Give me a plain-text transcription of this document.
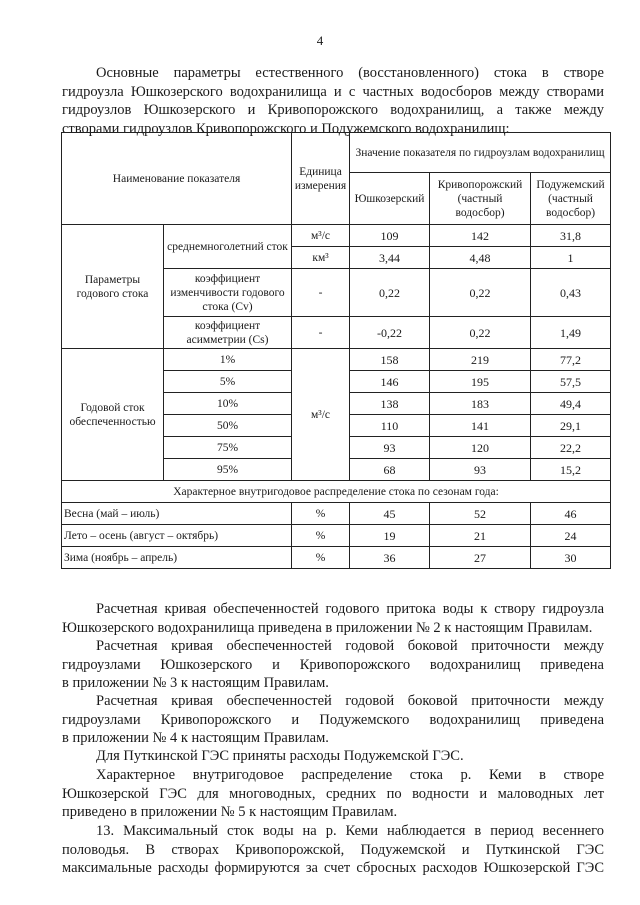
4
Основные параметры естественного (восстановленного) стока в створе
гидроузла Юшкозерского водохранилища и с частных водосборов между створами
гидроузлов Юшкозерского и Кривопорожского водохранилищ, а также между
створами гидроузлов Кривопорожского и Подужемского водохранилищ:
Наименование показателя		Единица измерения	Значение показателя по гидроузлам водохранилищ		
			Юшкозерский	Кривопорожский (частный водосбор)	Подужемский (частный водосбор)
Параметры годового стока	среднемноголетний сток	м³/с	109	142	31,8
		км³	3,44	4,48	1
	коэффициент изменчивости годового стока (Cv)	-	0,22	0,22	0,43
	коэффициент асимметрии (Cs)	-	-0,22	0,22	1,49
Годовой сток обеспеченностью	1%	м³/с	158	219	77,2
	5%		146	195	57,5
	10%		138	183	49,4
	50%		110	141	29,1
	75%		93	120	22,2
	95%		68	93	15,2
Характерное внутригодовое распределение стока по сезонам года:					
Весна (май – июль)		%	45	52	46
Лето – осень (август – октябрь)		%	19	21	24
Зима (ноябрь – апрель)		%	36	27	30
Расчетная кривая обеспеченностей годового притока воды к створу гидроузла
Юшкозерского водохранилища приведена в приложении № 2 к настоящим Правилам.
Расчетная кривая обеспеченностей годовой боковой приточности между
гидроузлами Юшкозерского и Кривопорожского водохранилищ приведена
в приложении № 3 к настоящим Правилам.
Расчетная кривая обеспеченностей годовой боковой приточности между
гидроузлами Кривопорожского и Подужемского водохранилищ приведена
в приложении № 4 к настоящим Правилам.
Для Путкинской ГЭС приняты расходы Подужемской ГЭС.
Характерное внутригодовое распределение стока р. Кеми в створе
Юшкозерской ГЭС для многоводных, средних по водности и маловодных лет
приведено в приложении № 5 к настоящим Правилам.
13. Максимальный сток воды на р. Кеми наблюдается в период весеннего
половодья. В створах Кривопорожской, Подужемской и Путкинской ГЭС
максимальные расходы формируются за счет сбросных расходов Юшкозерской ГЭС
